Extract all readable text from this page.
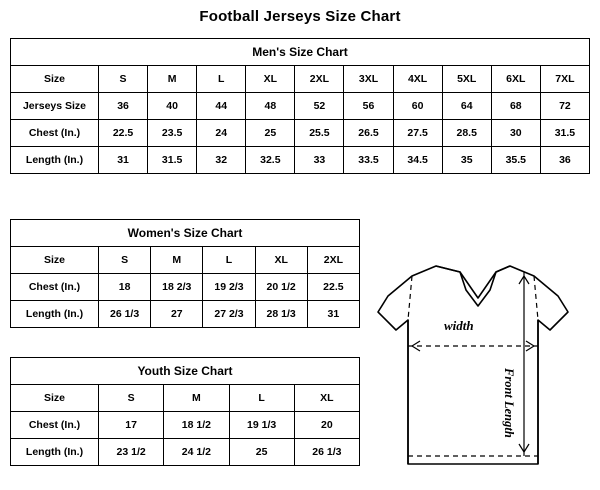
Football Jerseys Size Chart
Men's Size Chart
Size	S	M	L	XL	2XL	3XL	4XL	5XL	6XL	7XL
Jerseys Size	36	40	44	48	52	56	60	64	68	72
Chest (In.)	22.5	23.5	24	25	25.5	26.5	27.5	28.5	30	31.5
Length (In.)	31	31.5	32	32.5	33	33.5	34.5	35	35.5	36
Women's Size Chart
Size	S	M	L	XL	2XL
Chest (In.)	18	18 2/3	19 2/3	20 1/2	22.5
Length (In.)	26 1/3	27	27 2/3	28 1/3	31
Youth Size Chart
Size	S	M	L	XL
Chest (In.)	17	18 1/2	19 1/3	20
Length (In.)	23 1/2	24 1/2	25	26 1/3
width
Front Length
